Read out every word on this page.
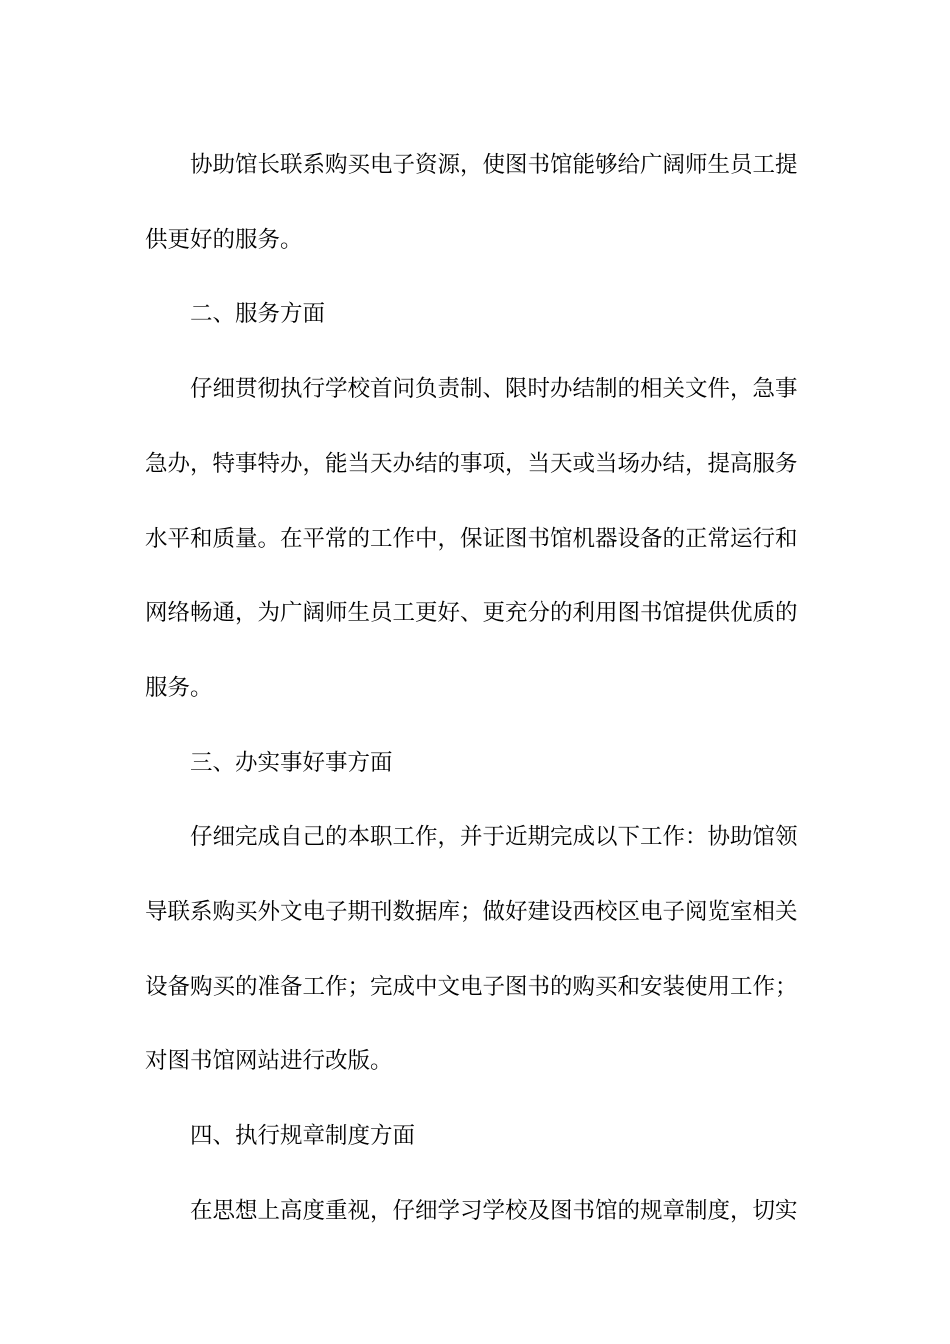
协助馆长联系购买电子资源，使图书馆能够给广阔师生员工提供更好的服务。

二、服务方面

仔细贯彻执行学校首问负责制、限时办结制的相关文件，急事急办，特事特办，能当天办结的事项，当天或当场办结，提高服务水平和质量。在平常的工作中，保证图书馆机器设备的正常运行和网络畅通，为广阔师生员工更好、更充分的利用图书馆提供优质的服务。

三、办实事好事方面

仔细完成自己的本职工作，并于近期完成以下工作：协助馆领导联系购买外文电子期刊数据库；做好建设西校区电子阅览室相关设备购买的准备工作；完成中文电子图书的购买和安装使用工作；对图书馆网站进行改版。

四、执行规章制度方面

在思想上高度重视，仔细学习学校及图书馆的规章制度，切实
